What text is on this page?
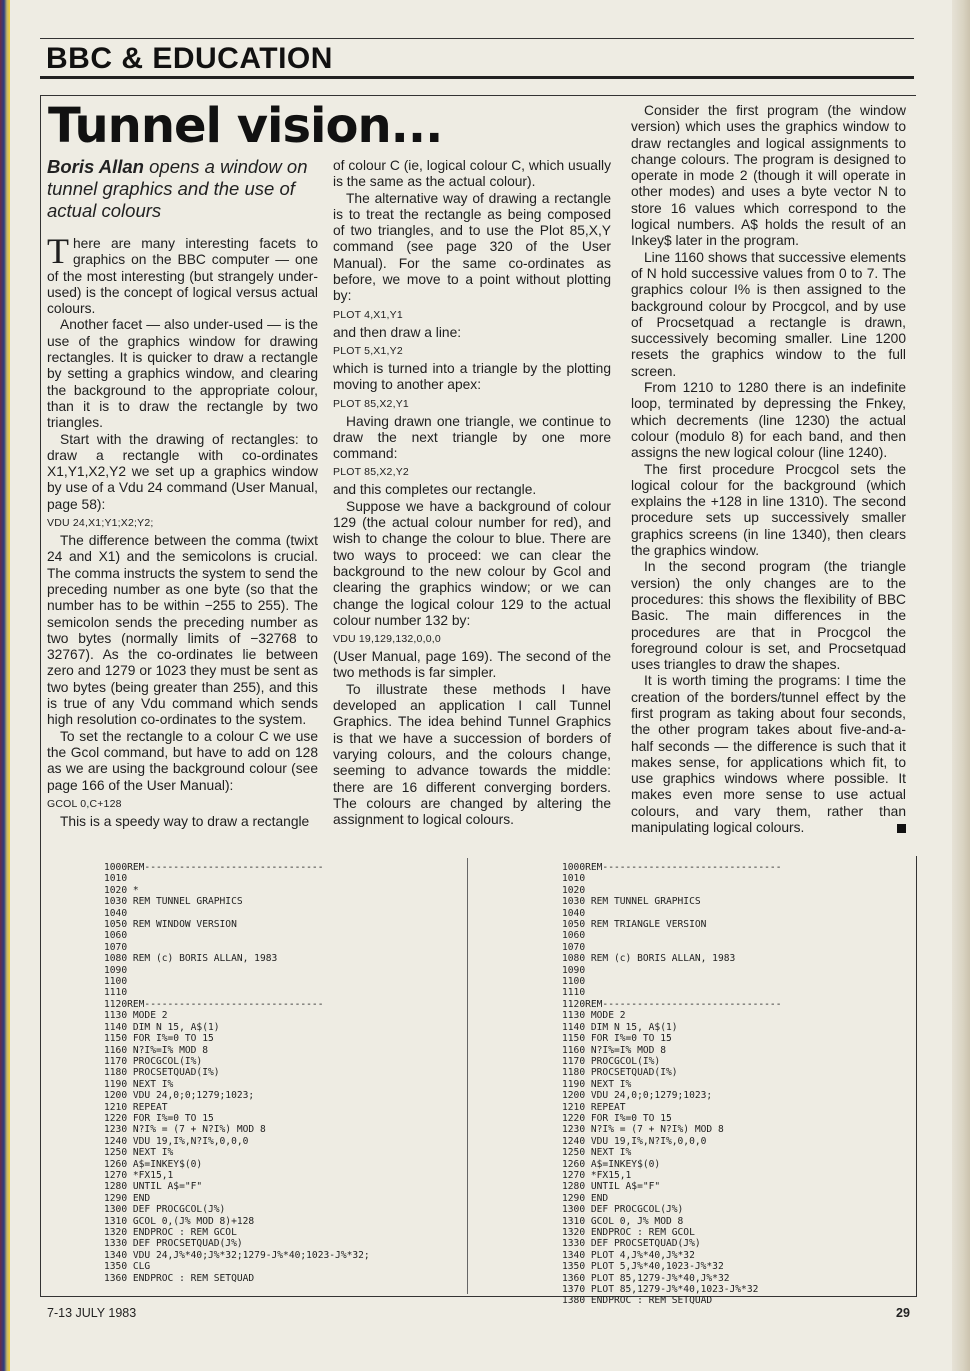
BBC & EDUCATION
Tunnel vision...
Boris Allan opens a window on tunnel graphics and the use of actual colours

There are many interesting facets to graphics on the BBC computer — one of the most interesting (but strangely under-used) is the concept of logical versus actual colours.

Another facet — also under-used — is the use of the graphics window for drawing rectangles. It is quicker to draw a rectangle by setting a graphics window, and clearing the background to the appropriate colour, than it is to draw the rectangle by two triangles.

Start with the drawing of rectangles: to draw a rectangle with co-ordinates X1,Y1,X2,Y2 we set up a graphics window by use of a Vdu 24 command (User Manual, page 58):

VDU 24,X1;Y1;X2;Y2;

The difference between the comma (twixt 24 and X1) and the semicolons is crucial. The comma instructs the system to send the preceding number as one byte (so that the number has to be within −255 to 255). The semicolon sends the preceding number as two bytes (normally limits of −32768 to 32767). As the co-ordinates lie between zero and 1279 or 1023 they must be sent as two bytes (being greater than 255), and this is true of any Vdu command which sends high resolution co-ordinates to the system.

To set the rectangle to a colour C we use the Gcol command, but have to add on 128 as we are using the background colour (see page 166 of the User Manual):

GCOL 0,C+128

This is a speedy way to draw a rectangle

of colour C (ie, logical colour C, which usually is the same as the actual colour).

The alternative way of drawing a rectangle is to treat the rectangle as being composed of two triangles, and to use the Plot 85,X,Y command (see page 320 of the User Manual). For the same co-ordinates as before, we move to a point without plotting by:

PLOT 4,X1,Y1

and then draw a line:

PLOT 5,X1,Y2

which is turned into a triangle by the plotting moving to another apex:

PLOT 85,X2,Y1

Having drawn one triangle, we continue to draw the next triangle by one more command:

PLOT 85,X2,Y2

and this completes our rectangle.

Suppose we have a background of colour 129 (the actual colour number for red), and wish to change the colour to blue. There are two ways to proceed: we can clear the background to the new colour by Gcol and clearing the graphics window; or we can change the logical colour 129 to the actual colour number 132 by:

VDU 19,129,132,0,0,0

(User Manual, page 169). The second of the two methods is far simpler.

To illustrate these methods I have developed an application I call Tunnel Graphics. The idea behind Tunnel Graphics is that we have a succession of borders of varying colours, and the colours change, seeming to advance towards the middle: there are 16 different converging borders. The colours are changed by altering the assignment to logical colours.

Consider the first program (the window version) which uses the graphics window to draw rectangles and logical assignments to change colours. The program is designed to operate in mode 2 (though it will operate in other modes) and uses a byte vector N to store 16 values which correspond to the logical numbers. A$ holds the result of an Inkey$ later in the program.

Line 1160 shows that successive elements of N hold successive values from 0 to 7. The graphics colour I% is then assigned to the background colour by Procgcol, and by use of Procsetquad a rectangle is drawn, successively becoming smaller. Line 1200 resets the graphics window to the full screen.

From 1210 to 1280 there is an indefinite loop, terminated by depressing the Fnkey, which decrements (line 1230) the actual colour (modulo 8) for each band, and then assigns the new logical colour (line 1240).

The first procedure Procgcol sets the logical colour for the background (which explains the +128 in line 1310). The second procedure sets up successively smaller graphics screens (in line 1340), then clears the graphics window.

In the second program (the triangle version) the only changes are to the procedures: this shows the flexibility of BBC Basic. The main differences in the procedures are that in Procgcol the foreground colour is set, and Procsetquad uses triangles to draw the shapes.

It is worth timing the programs: I time the creation of the borders/tunnel effect by the first program as taking about four seconds, the other program takes about five-and-a-half seconds — the difference is such that it makes sense, for applications which fit, to use graphics windows where possible. It makes even more sense to use actual colours, and vary them, rather than manipulating logical colours.

1000REM-------------------------------
1010
1020 *
1030 REM TUNNEL GRAPHICS
1040
1050 REM WINDOW VERSION
1060
1070
1080 REM (c) BORIS ALLAN, 1983
1090
1100
1110
1120REM-------------------------------
1130 MODE 2
1140 DIM N 15, A$(1)
1150 FOR I%=0 TO 15
1160 N?I%=I% MOD 8
1170 PROCGCOL(I%)
1180 PROCSETQUAD(I%)
1190 NEXT I%
1200 VDU 24,0;0;1279;1023;
1210 REPEAT
1220 FOR I%=0 TO 15
1230 N?I% = (7 + N?I%) MOD 8
1240 VDU 19,I%,N?I%,0,0,0
1250 NEXT I%
1260 A$=INKEY$(0)
1270 *FX15,1
1280 UNTIL A$="F"
1290 END
1300 DEF PROCGCOL(J%)
1310 GCOL 0,(J% MOD 8)+128
1320 ENDPROC : REM GCOL
1330 DEF PROCSETQUAD(J%)
1340 VDU 24,J%*40;J%*32;1279-J%*40;1023-J%*32;
1350 CLG
1360 ENDPROC : REM SETQUAD

1000REM-------------------------------
1010
1020
1030 REM TUNNEL GRAPHICS
1040
1050 REM TRIANGLE VERSION
1060
1070
1080 REM (c) BORIS ALLAN, 1983
1090
1100
1110
1120REM-------------------------------
1130 MODE 2
1140 DIM N 15, A$(1)
1150 FOR I%=0 TO 15
1160 N?I%=I% MOD 8
1170 PROCGCOL(I%)
1180 PROCSETQUAD(I%)
1190 NEXT I%
1200 VDU 24,0;0;1279;1023;
1210 REPEAT
1220 FOR I%=0 TO 15
1230 N?I% = (7 + N?I%) MOD 8
1240 VDU 19,I%,N?I%,0,0,0
1250 NEXT I%
1260 A$=INKEY$(0)
1270 *FX15,1
1280 UNTIL A$="F"
1290 END
1300 DEF PROCGCOL(J%)
1310 GCOL 0, J% MOD 8
1320 ENDPROC : REM GCOL
1330 DEF PROCSETQUAD(J%)
1340 PLOT 4,J%*40,J%*32
1350 PLOT 5,J%*40,1023-J%*32
1360 PLOT 85,1279-J%*40,J%*32
1370 PLOT 85,1279-J%*40,1023-J%*32
1380 ENDPROC : REM SETQUAD

7-13 JULY 1983	29
